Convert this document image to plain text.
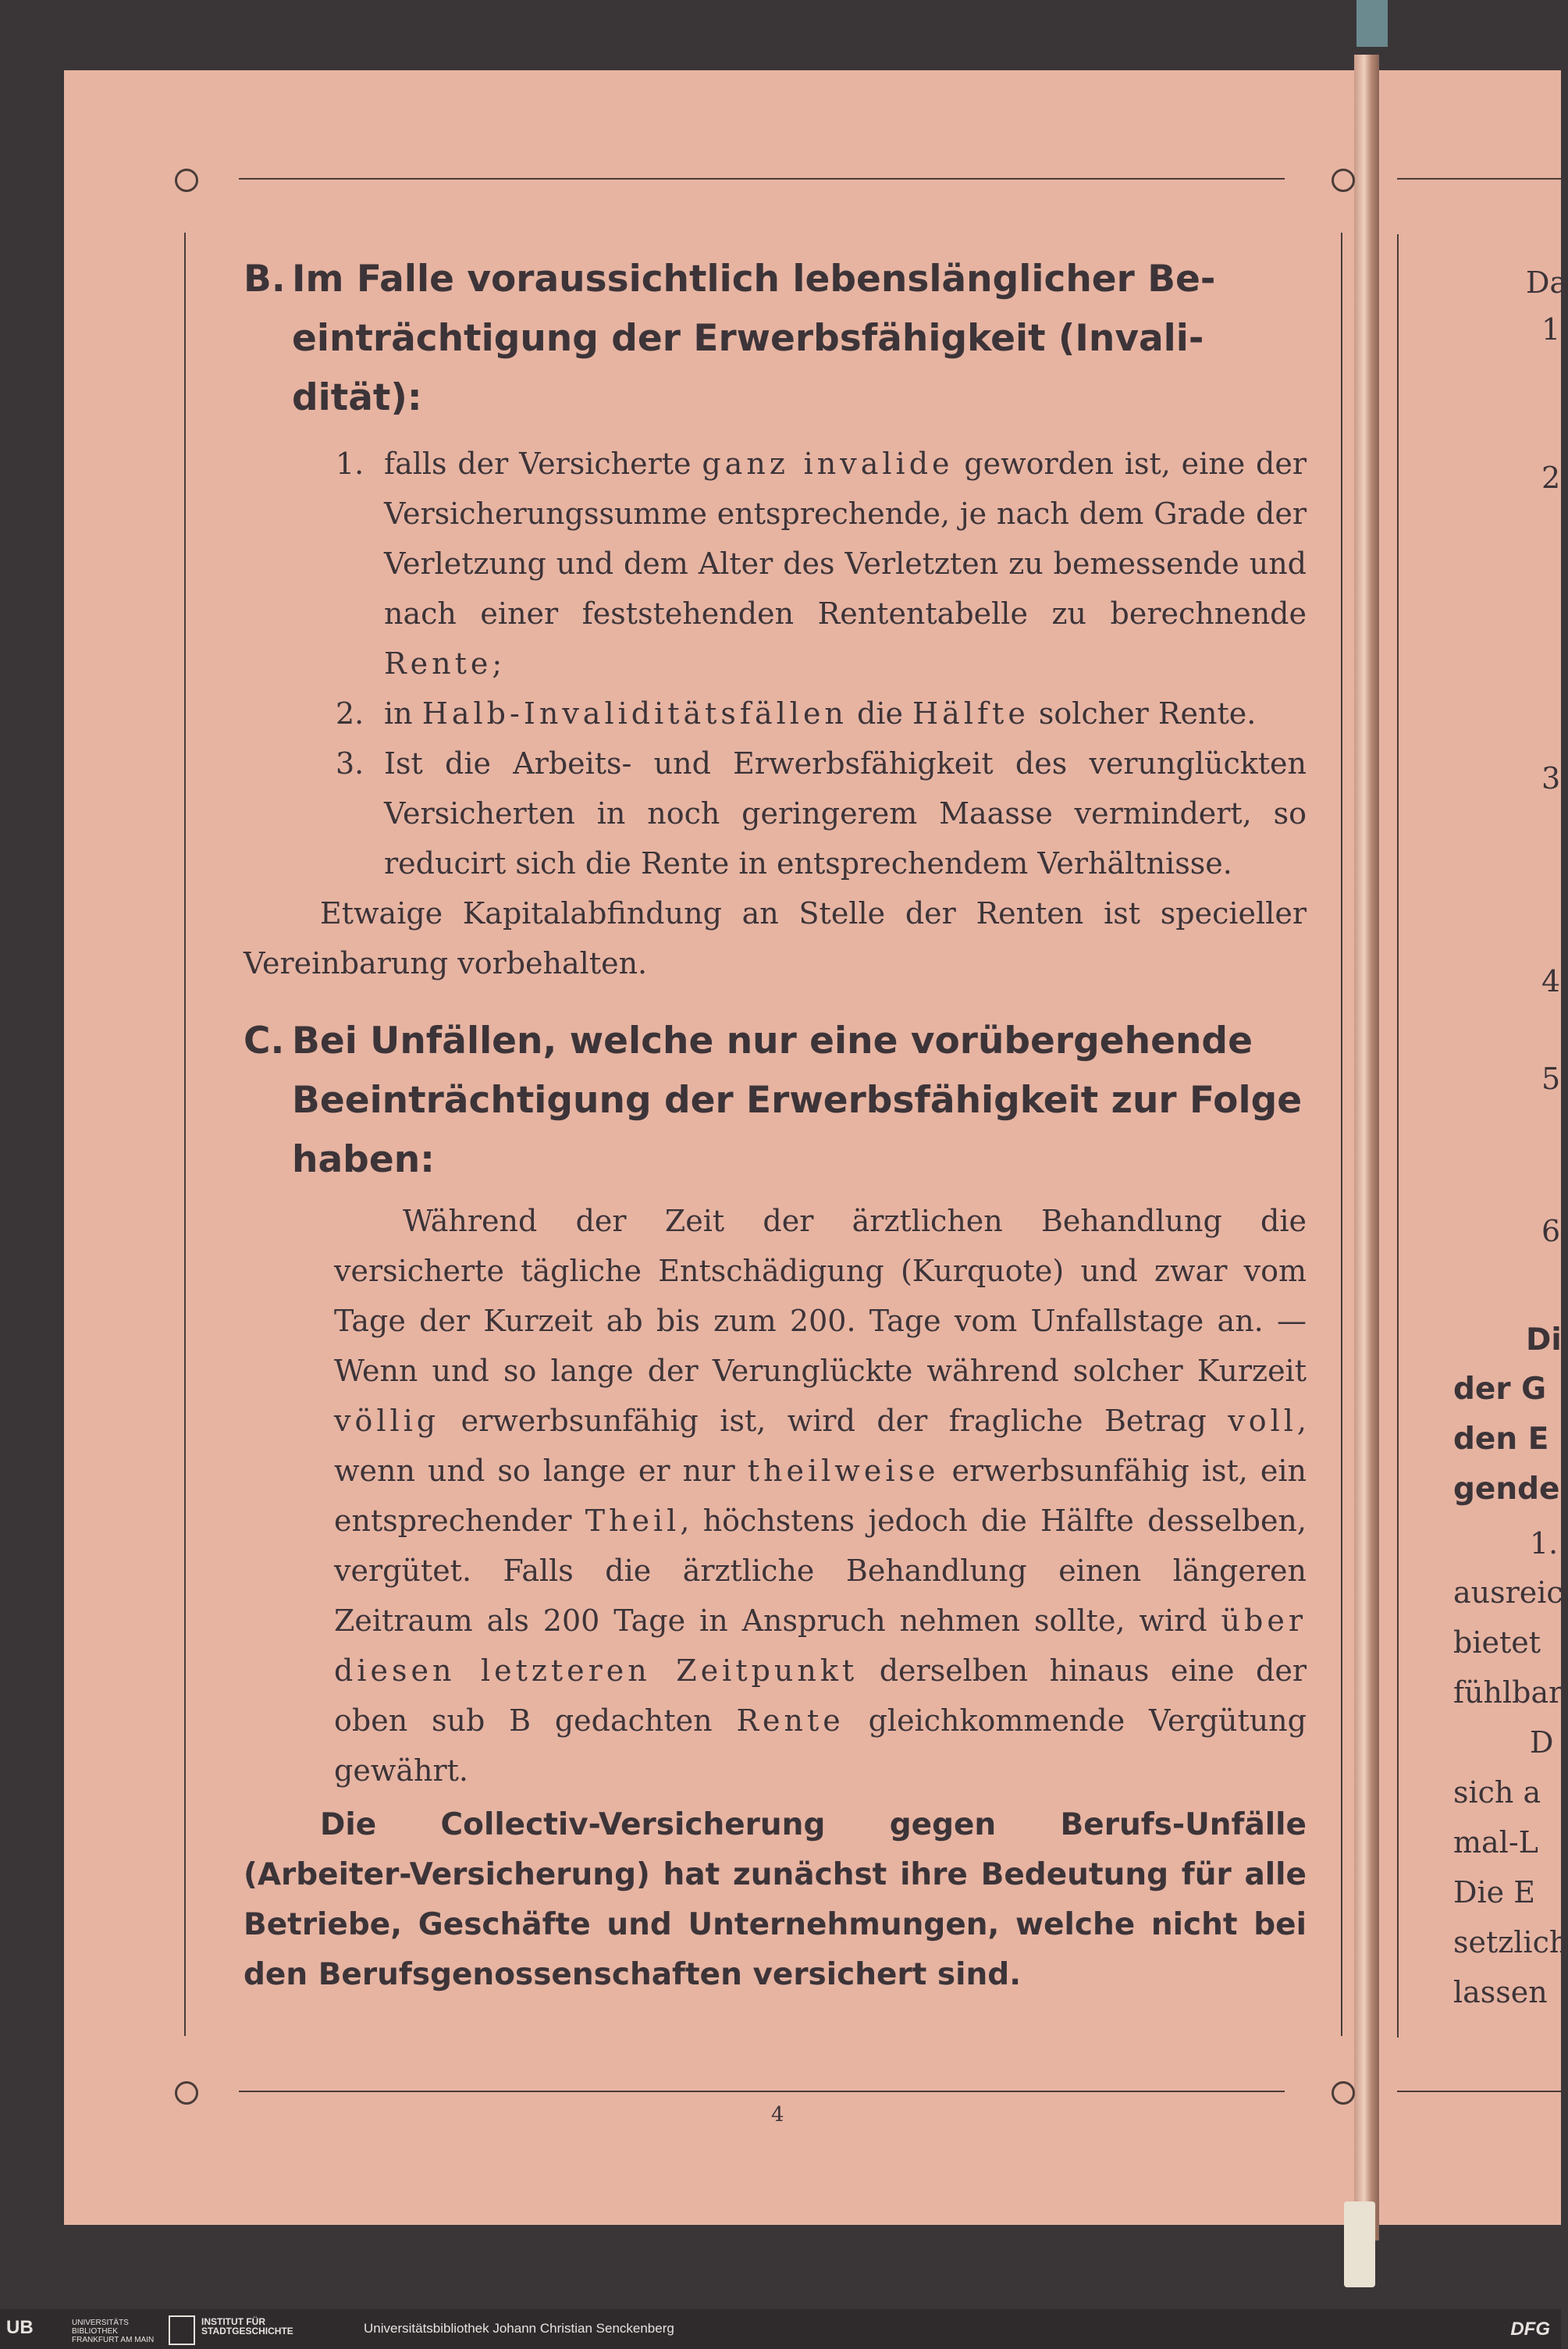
B. Im Falle voraussichtlich lebenslänglicher Be-
einträchtigung der Erwerbsfähigkeit (Invali-
dität):

1. falls der Versicherte ganz invalide geworden ist, eine der Versicherungssumme entsprechende, je nach dem Grade der Verletzung und dem Alter des Verletzten zu bemessende und nach einer feststehenden Rententabelle zu berechnende Rente;

2. in Halb-Invaliditätsfällen die Hälfte solcher Rente.

3. Ist die Arbeits- und Erwerbsfähigkeit des verunglückten Versicherten in noch geringerem Maasse vermindert, so reducirt sich die Rente in entsprechendem Verhältnisse.

Etwaige Kapitalabfindung an Stelle der Renten ist specieller Vereinbarung vorbehalten.

C. Bei Unfällen, welche nur eine vorübergehende
Beeinträchtigung der Erwerbsfähigkeit zur Folge
haben:

Während der Zeit der ärztlichen Behandlung die versicherte tägliche Entschädigung (Kurquote) und zwar vom Tage der Kurzeit ab bis zum 200. Tage vom Unfallstage an. — Wenn und so lange der Verunglückte während solcher Kurzeit völlig erwerbsunfähig ist, wird der fragliche Betrag voll, wenn und so lange er nur theilweise erwerbsunfähig ist, ein entsprechender Theil, höchstens jedoch die Hälfte desselben, vergütet. Falls die ärztliche Behandlung einen längeren Zeitraum als 200 Tage in Anspruch nehmen sollte, wird über diesen letzteren Zeitpunkt derselben hinaus eine der oben sub B gedachten Rente gleichkommende Vergütung gewährt.

Die Collectiv-Versicherung gegen Berufs-Unfälle (Arbeiter-Versicherung) hat zunächst ihre Bedeutung für alle Betriebe, Geschäfte und Unternehmungen, welche nicht bei den Berufsgenossenschaften versichert sind.

4
Da
1
2
3
4
5
6
Di
der G
den E
gende
1.
ausreic
bietet
fühlbar
D
sich a
mal-L
Die E
setzlich
lassen
UB	UNIVERSITÄTS BIBLIOTHEK FRANKFURT AM MAIN
INSTITUT FÜR STADTGESCHICHTE	Universitätsbibliothek Johann Christian Senckenberg	DFG
